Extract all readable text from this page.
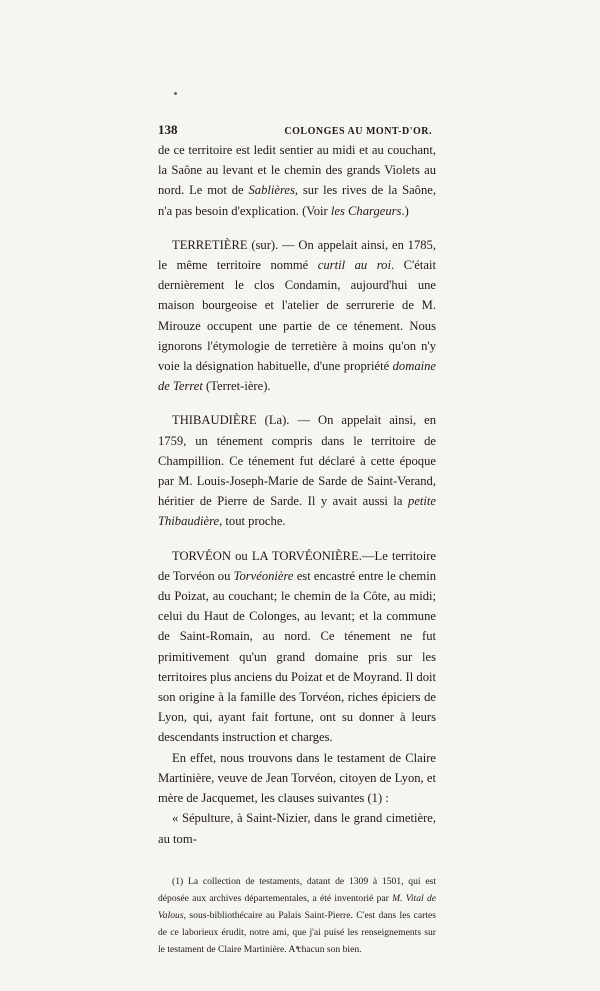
138	COLONGES AU MONT-D'OR.

de ce territoire est ledit sentier au midi et au couchant, la Saône au levant et le chemin des grands Violets au nord. Le mot de Sablières, sur les rives de la Saône, n'a pas besoin d'explication. (Voir les Chargeurs.)

TERRETIÈRE (sur). — On appelait ainsi, en 1785, le même territoire nommé curtil au roi. C'était dernièrement le clos Condamin, aujourd'hui une maison bourgeoise et l'atelier de serrurerie de M. Mirouze occupent une partie de ce ténement. Nous ignorons l'étymologie de terretière à moins qu'on n'y voie la désignation habituelle, d'une propriété domaine de Terret (Terret-ière).

THIBAUDIÈRE (La). — On appelait ainsi, en 1759, un ténement compris dans le territoire de Champillion. Ce ténement fut déclaré à cette époque par M. Louis-Joseph-Marie de Sarde de Saint-Verand, héritier de Pierre de Sarde. Il y avait aussi la petite Thibaudière, tout proche.

TORVÉON ou LA TORVÉONIÈRE.—Le territoire de Torvéon ou Torvéonière est encastré entre le chemin du Poizat, au couchant; le chemin de la Côte, au midi; celui du Haut de Colonges, au levant; et la commune de Saint-Romain, au nord. Ce ténement ne fut primitivement qu'un grand domaine pris sur les territoires plus anciens du Poizat et de Moyrand. Il doit son origine à la famille des Torvéon, riches épiciers de Lyon, qui, ayant fait fortune, ont su donner à leurs descendants instruction et charges.

En effet, nous trouvons dans le testament de Claire Martinière, veuve de Jean Torvéon, citoyen de Lyon, et mère de Jacquemet, les clauses suivantes (1) :

« Sépulture, à Saint-Nizier, dans le grand cimetière, au tom-

(1) La collection de testaments, datant de 1309 à 1501, qui est déposée aux archives départementales, a été inventorié par M. Vital de Valous, sous-bibliothécaire au Palais Saint-Pierre. C'est dans les cartes de ce laborieux érudit, notre ami, que j'ai puisé les renseignements sur le testament de Claire Martinière. A chacun son bien.
